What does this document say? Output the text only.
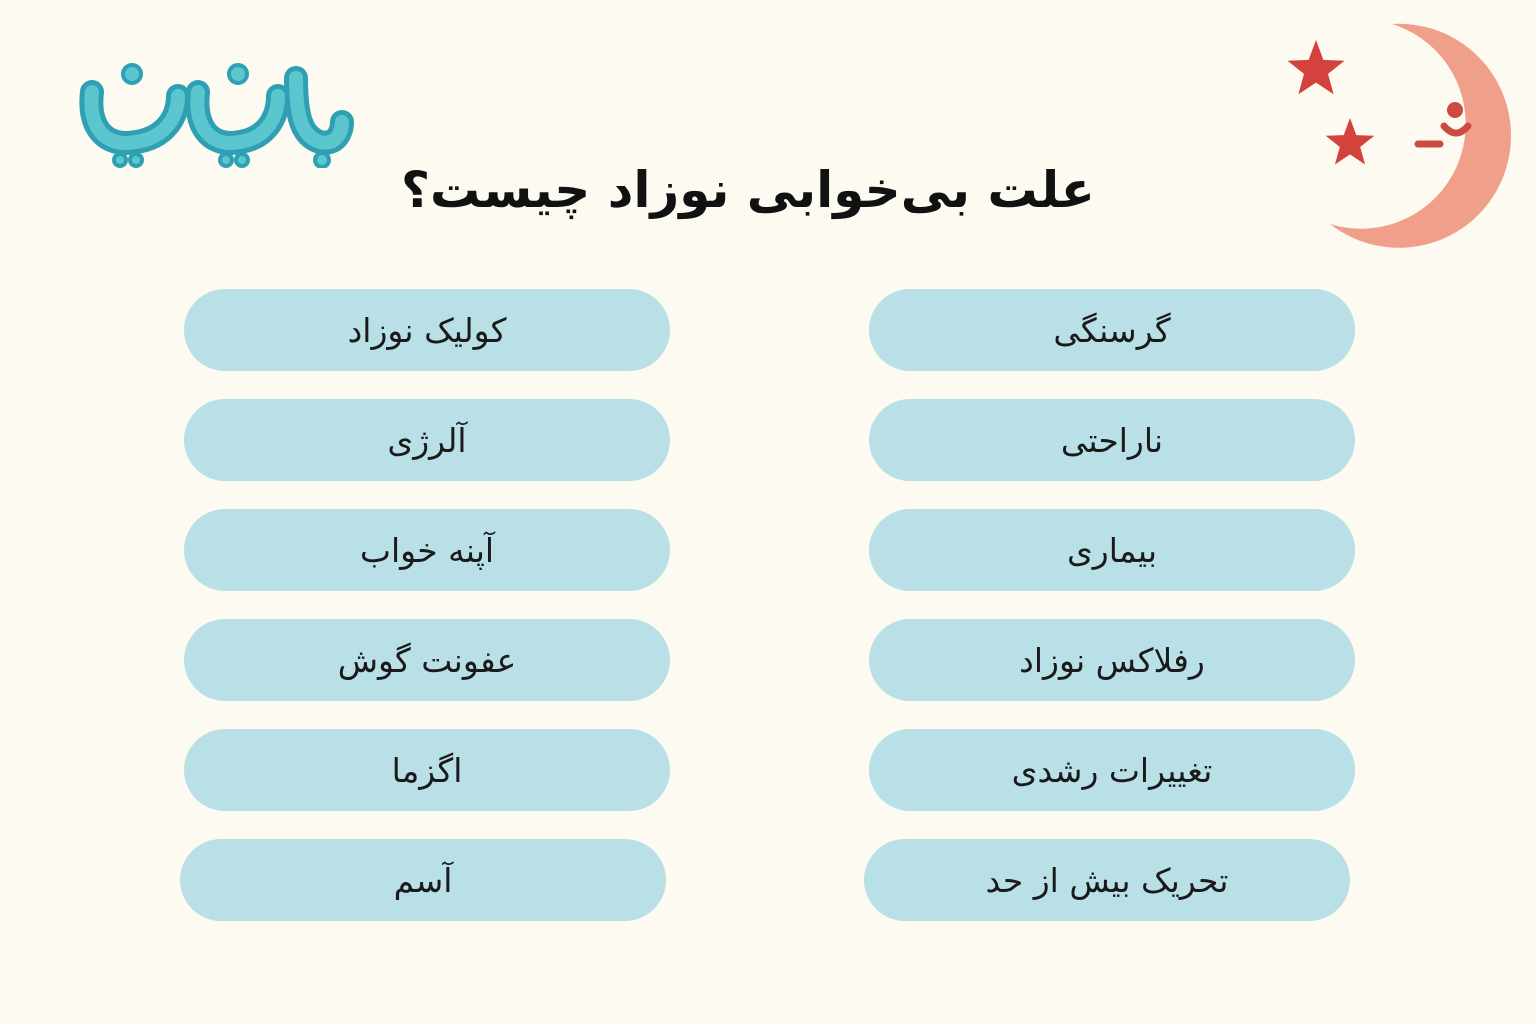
علت بی‌خوابی نوزاد چیست؟
گرسنگی
ناراحتی
بیماری
رفلاکس نوزاد
تغییرات رشدی
تحریک بیش از حد
کولیک نوزاد
آلرژی
آپنه خواب
عفونت گوش
اگزما
آسم
